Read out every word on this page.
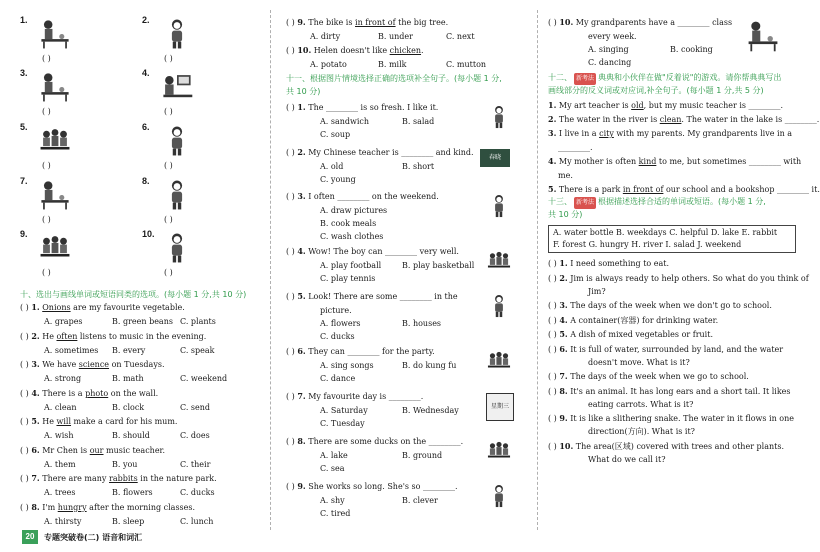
1.
( )
2.
( )
3.
( )
4.
( )
5.
( )
6.
( )
7.
( )
8.
( )
9.
( )
10.
( )
十、选出与画线单词或短语同类的选项。(每小题 1 分,共 10 分)
( ) 1. Onions are my favourite vegetable.
A. grapes	B. green beans C. plants
( ) 2. He often listens to music in the evening.
A. sometimes B. every	C. speak
( ) 3. We have science on Tuesdays.
A. strong	B. math	C. weekend
( ) 4. There is a photo on the wall.
A. clean	B. clock	C. send
( ) 5. He will make a card for his mum.
A. wish	B. should	C. does
( ) 6. Mr Chen is our music teacher.
A. them	B. you	C. their
( ) 7. There are many rabbits in the nature park.
A. trees	B. flowers	C. ducks
( ) 8. I'm hungry after the morning classes.
A. thirsty	B. sleep	C. lunch
20	专题突破卷(二) 语音和词汇
( ) 9. The bike is in front of the big tree.
A. dirty	B. under	C. next
( ) 10. Helen doesn't like chicken.
A. potato	B. milk	C. mutton
十一、根据图片情境选择正确的选项补全句子。(每小题 1 分,
共 10 分)
( ) 1. The ________ is so fresh. I like it.
A. sandwich	B. salad
C. soup
( ) 2. My Chinese teacher is ________ and kind.
A. old	B. short
C. young
春晓
( ) 3. I often ________ on the weekend.
A. draw pictures
B. cook meals
C. wash clothes
( ) 4. Wow! The boy can ________ very well.
A. play football	B. play basketball
C. play tennis
( ) 5. Look! There are some ________ in the
picture.
A. flowers	B. houses
C. ducks
( ) 6. They can ________ for the party.
A. sing songs	B. do kung fu
C. dance
( ) 7. My favourite day is ________.
A. Saturday	B. Wednesday
C. Tuesday
星期三
( ) 8. There are some ducks on the ________.
A. lake	B. ground
C. sea
( ) 9. She works so long. She's so ________.
A. shy	B. clever
C. tired
( ) 10. My grandparents have a ________ class
every week.
A. singing	B. cooking
C. dancing
十二、 新考法 典典和小伙伴在做"反着说"的游戏。请你帮典典写出
画线部分的反义词或对应词,补全句子。(每小题 1 分,共 5 分)
1. My art teacher is old, but my music teacher is ________.
2. The water in the river is clean. The water in the lake is ________.
3. I live in a city with my parents. My grandparents live in a
________.
4. My mother is often kind to me, but sometimes ________ with
me.
5. There is a park in front of our school and a bookshop ________ it.
十三、 新考法 根据描述选择合适的单词或短语。(每小题 1 分,
共 10 分)
A. water bottle B. weekdays C. helpful D. lake E. rabbit
F. forest G. hungry H. river I. salad J. weekend
( ) 1. I need something to eat.
( ) 2. Jim is always ready to help others. So what do you think of
Jim?
( ) 3. The days of the week when we don't go to school.
( ) 4. A container(容器) for drinking water.
( ) 5. A dish of mixed vegetables or fruit.
( ) 6. It is full of water, surrounded by land, and the water
doesn't move. What is it?
( ) 7. The days of the week when we go to school.
( ) 8. It's an animal. It has long ears and a short tail. It likes
eating carrots. What is it?
( ) 9. It is like a slithering snake. The water in it flows in one
direction(方向). What is it?
( ) 10. The area(区域) covered with trees and other plants.
What do we call it?
